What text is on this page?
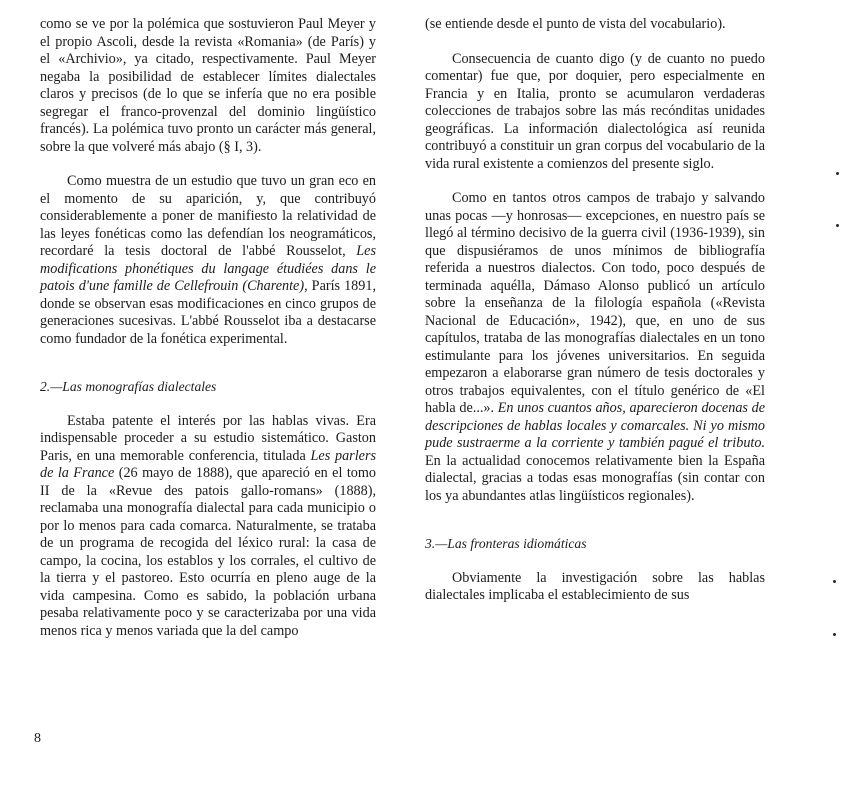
como se ve por la polémica que sostuvieron Paul Meyer y el propio Ascoli, desde la revista «Romania» (de París) y el «Archivio», ya citado, respectivamente. Paul Meyer negaba la posibilidad de establecer límites dialectales claros y precisos (de lo que se infería que no era posible segregar el franco-provenzal del dominio lingüístico francés). La polémica tuvo pronto un carácter más general, sobre la que volveré más abajo (§ I, 3).

Como muestra de un estudio que tuvo un gran eco en el momento de su aparición, y, que contribuyó considerablemente a poner de manifiesto la relatividad de las leyes fonéticas como las defendían los neogramáticos, recordaré la tesis doctoral de l'abbé Rousselot, Les modifications phonétiques du langage étudiées dans le patois d'une famille de Cellefrouin (Charente), París 1891, donde se observan esas modificaciones en cinco grupos de generaciones sucesivas. L'abbé Rousselot iba a destacarse como fundador de la fonética experimental.

2.—Las monografías dialectales

Estaba patente el interés por las hablas vivas. Era indispensable proceder a su estudio sistemático. Gaston Paris, en una memorable conferencia, titulada Les parlers de la France (26 mayo de 1888), que apareció en el tomo II de la «Revue des patois gallo-romans» (1888), reclamaba una monografía dialectal para cada municipio o por lo menos para cada comarca. Naturalmente, se trataba de un programa de recogida del léxico rural: la casa de campo, la cocina, los establos y los corrales, el cultivo de la tierra y el pastoreo. Esto ocurría en pleno auge de la vida campesina. Como es sabido, la población urbana pesaba relativamente poco y se caracterizaba por una vida menos rica y menos variada que la del campo

(se entiende desde el punto de vista del vocabulario).

Consecuencia de cuanto digo (y de cuanto no puedo comentar) fue que, por doquier, pero especialmente en Francia y en Italia, pronto se acumularon verdaderas colecciones de trabajos sobre las más recónditas unidades geográficas. La información dialectológica así reunida contribuyó a constituir un gran corpus del vocabulario de la vida rural existente a comienzos del presente siglo.

Como en tantos otros campos de trabajo y salvando unas pocas —y honrosas— excepciones, en nuestro país se llegó al término decisivo de la guerra civil (1936-1939), sin que dispusiéramos de unos mínimos de bibliografía referida a nuestros dialectos. Con todo, poco después de terminada aquélla, Dámaso Alonso publicó un artículo sobre la enseñanza de la filología española («Revista Nacional de Educación», 1942), que, en uno de sus capítulos, trataba de las monografías dialectales en un tono estimulante para los jóvenes universitarios. En seguida empezaron a elaborarse gran número de tesis doctorales y otros trabajos equivalentes, con el título genérico de «El habla de...». En unos cuantos años, aparecieron docenas de descripciones de hablas locales y comarcales. Ni yo mismo pude sustraerme a la corriente y también pagué el tributo. En la actualidad conocemos relativamente bien la España dialectal, gracias a todas esas monografías (sin contar con los ya abundantes atlas lingüísticos regionales).

3.—Las fronteras idiomáticas

Obviamente la investigación sobre las hablas dialectales implicaba el establecimiento de sus

8
